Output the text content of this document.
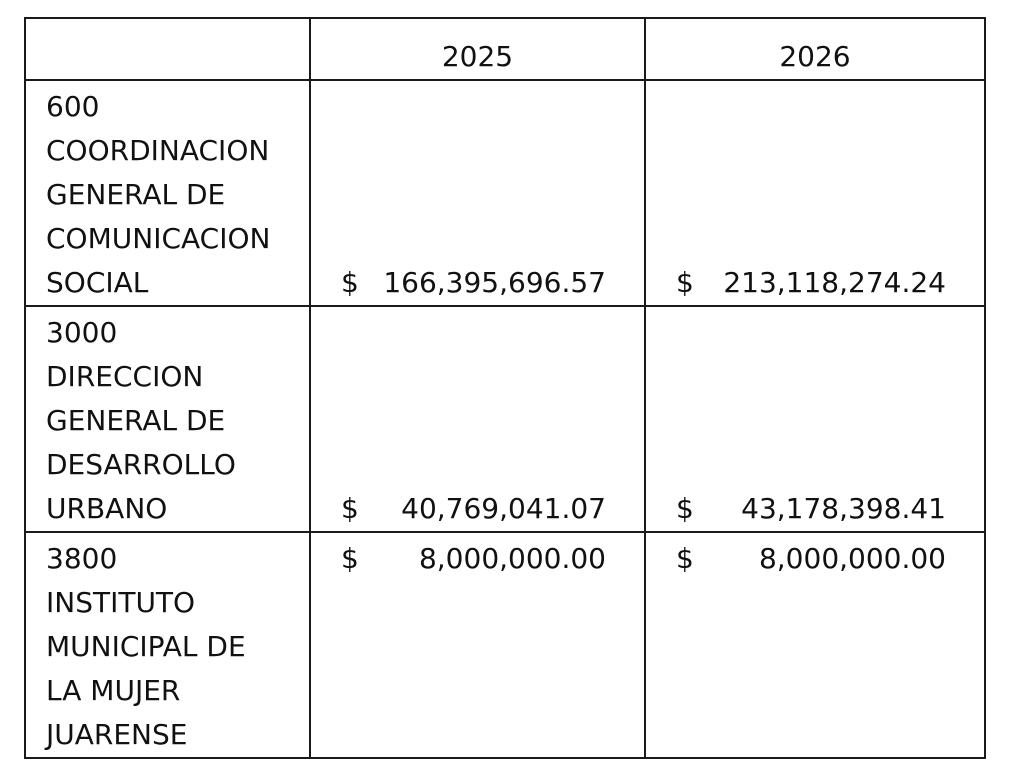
	2025	2026

600
COORDINACION
GENERAL DE
COMUNICACION
SOCIAL	$ 166,395,696.57	$ 213,118,274.24

3000
DIRECCION
GENERAL DE
DESARROLLO
URBANO	$ 40,769,041.07	$ 43,178,398.41

3800
INSTITUTO
MUNICIPAL DE
LA MUJER
JUARENSE	$ 8,000,000.00	$ 8,000,000.00
